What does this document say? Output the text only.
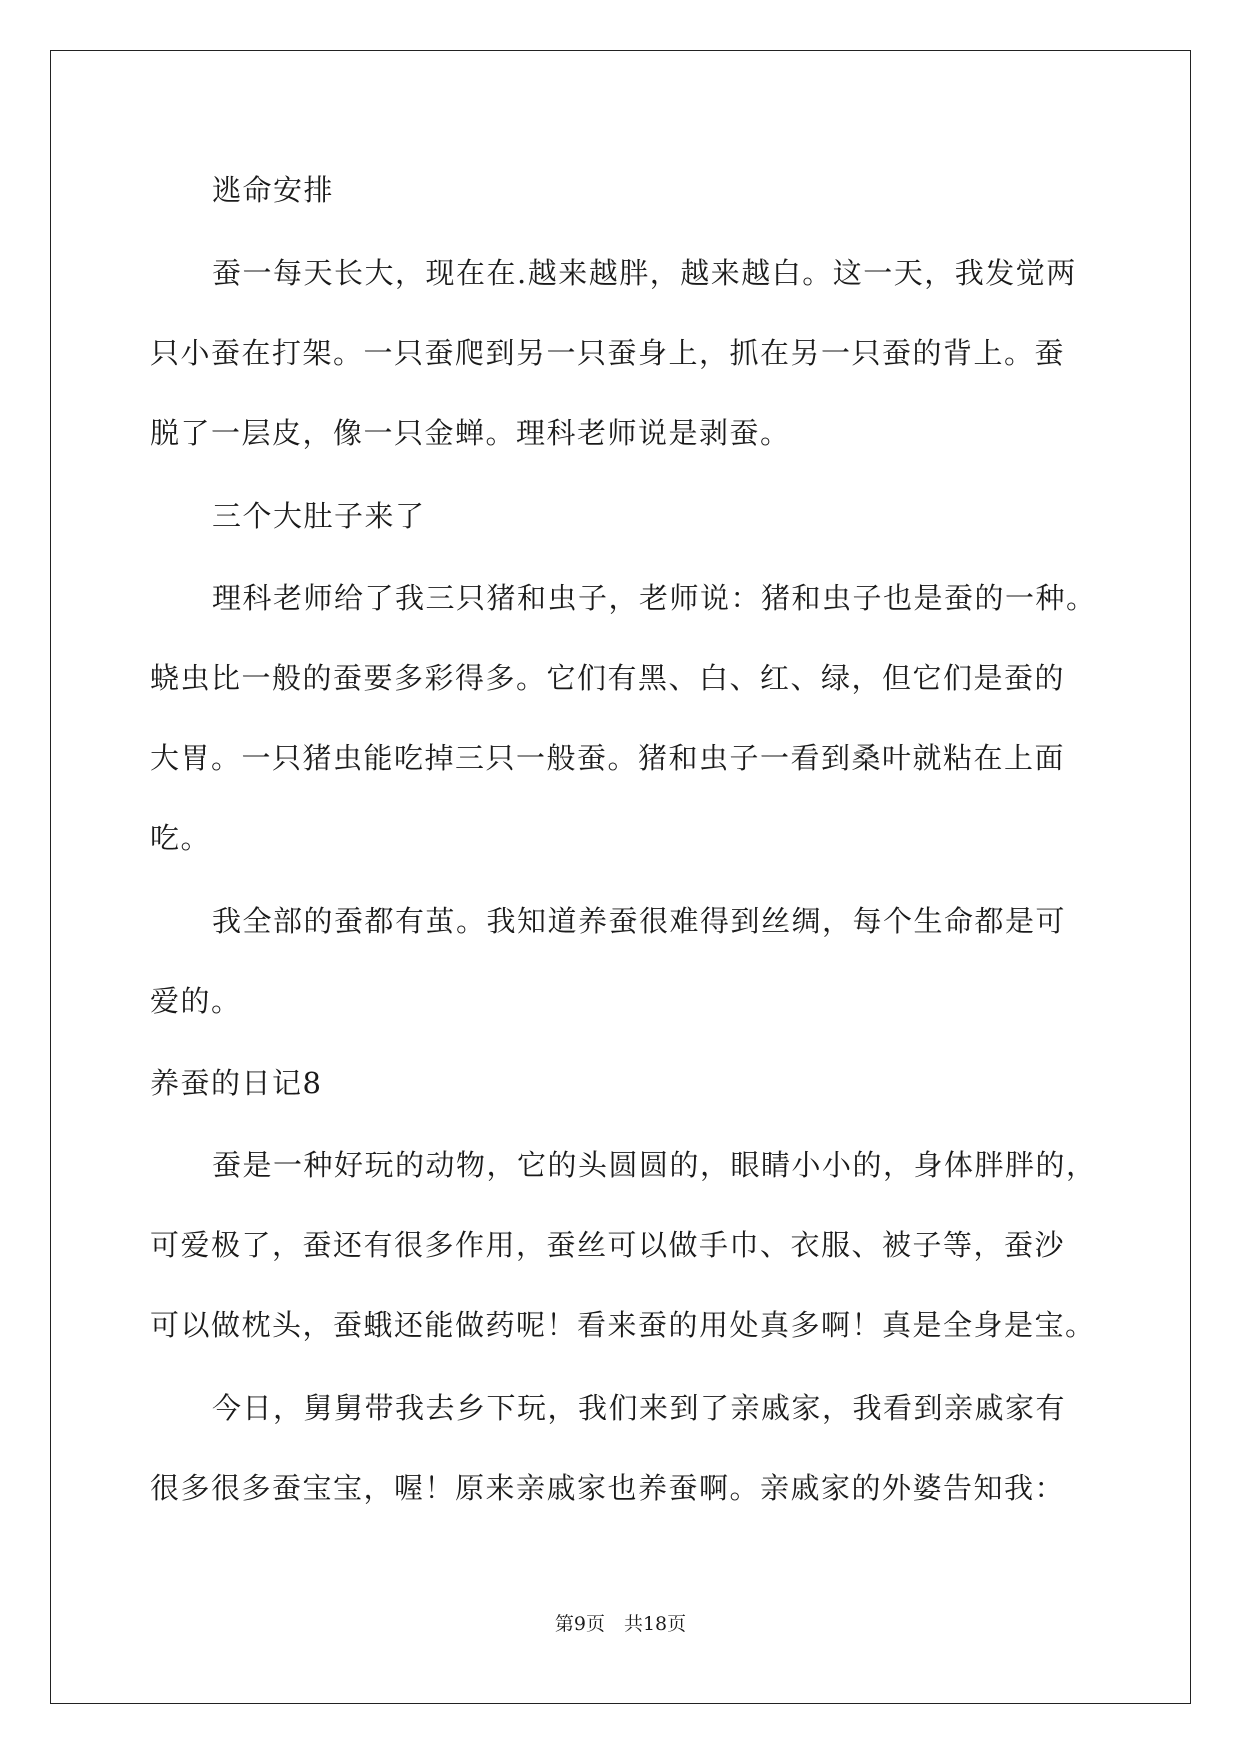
逃命安排
蚕一每天长大，现在在.越来越胖，越来越白。这一天，我发觉两
只小蚕在打架。一只蚕爬到另一只蚕身上，抓在另一只蚕的背上。蚕
脱了一层皮，像一只金蝉。理科老师说是剥蚕。
三个大肚子来了
理科老师给了我三只猪和虫子，老师说：猪和虫子也是蚕的一种。
蛲虫比一般的蚕要多彩得多。它们有黑、白、红、绿，但它们是蚕的
大胃。一只猪虫能吃掉三只一般蚕。猪和虫子一看到桑叶就粘在上面
吃。
我全部的蚕都有茧。我知道养蚕很难得到丝绸，每个生命都是可
爱的。
养蚕的日记8
蚕是一种好玩的动物，它的头圆圆的，眼睛小小的，身体胖胖的，
可爱极了，蚕还有很多作用，蚕丝可以做手巾、衣服、被子等，蚕沙
可以做枕头，蚕蛾还能做药呢！看来蚕的用处真多啊！真是全身是宝。
今日，舅舅带我去乡下玩，我们来到了亲戚家，我看到亲戚家有
很多很多蚕宝宝，喔！原来亲戚家也养蚕啊。亲戚家的外婆告知我：
第9页　共18页
